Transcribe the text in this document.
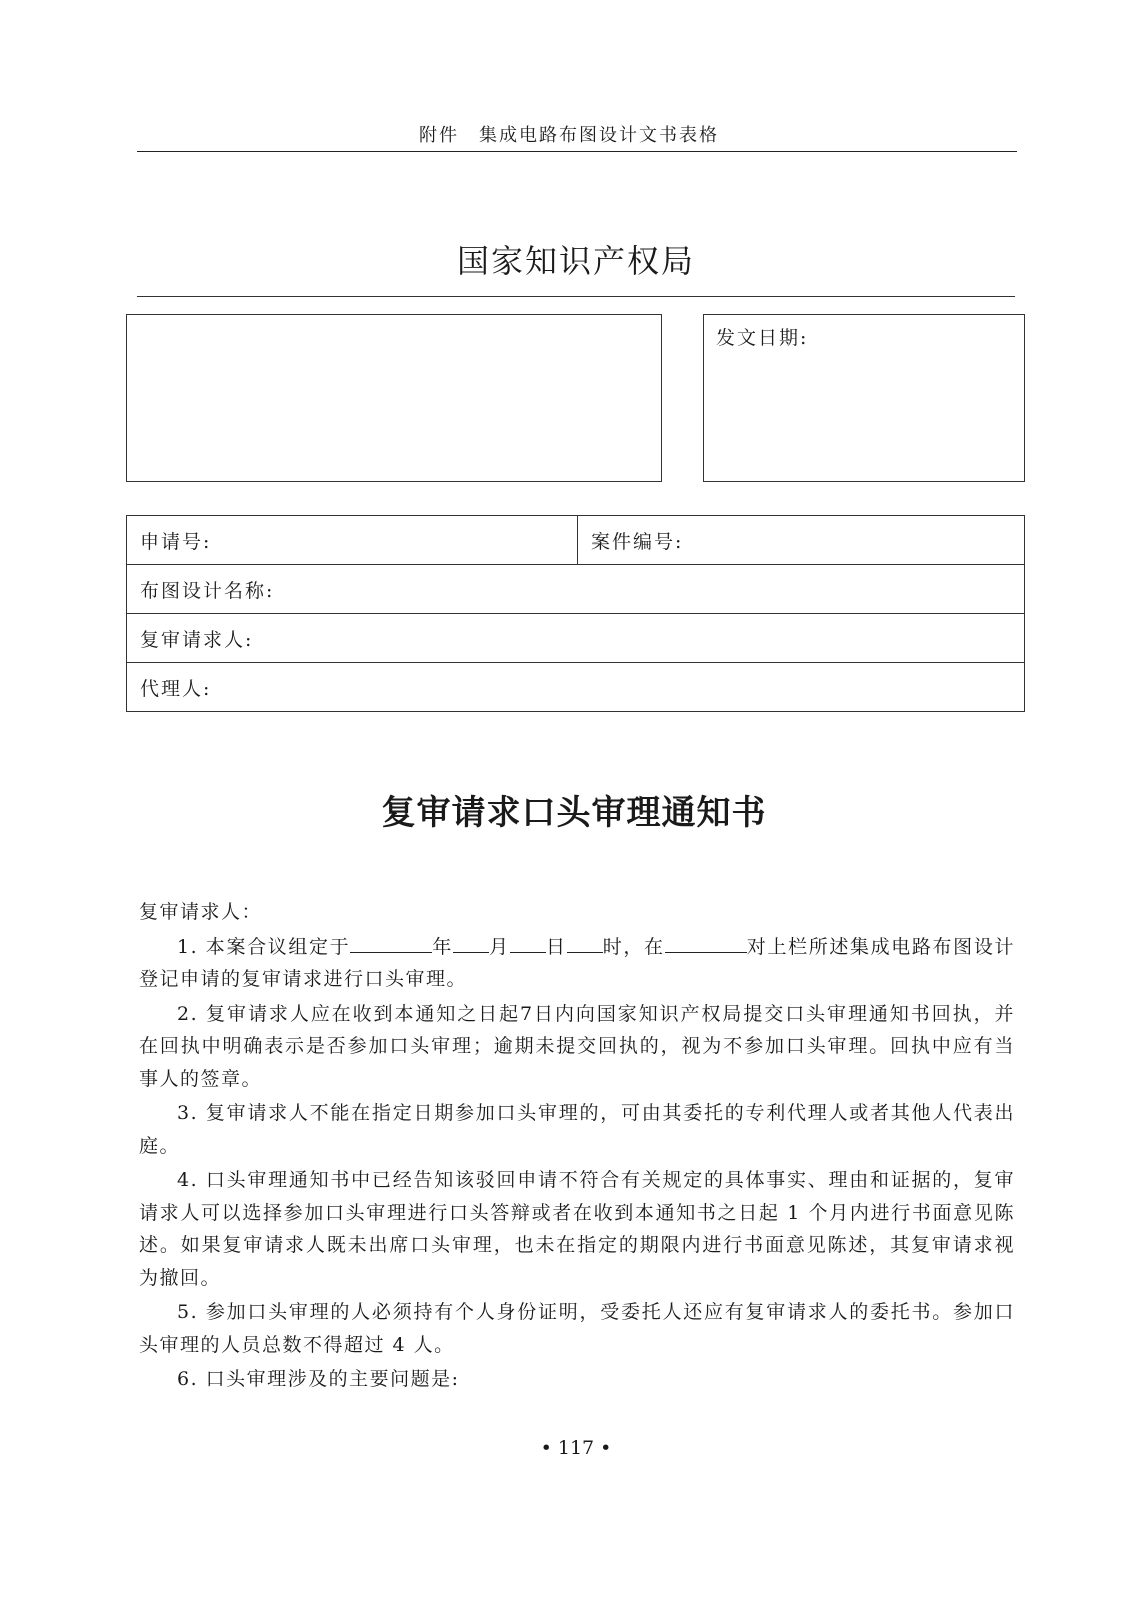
附件　集成电路布图设计文书表格
国家知识产权局
发文日期:
申请号:	案件编号:
布图设计名称:
复审请求人:
代理人:
复审请求口头审理通知书

复审请求人：

1. 本案合议组定于	年 月 日 时，在	对上栏所述集成电路布图设计登记申请的复审请求进行口头审理。

2. 复审请求人应在收到本通知之日起7日内向国家知识产权局提交口头审理通知书回执，并在回执中明确表示是否参加口头审理；逾期未提交回执的，视为不参加口头审理。回执中应有当事人的签章。

3. 复审请求人不能在指定日期参加口头审理的，可由其委托的专利代理人或者其他人代表出庭。

4. 口头审理通知书中已经告知该驳回申请不符合有关规定的具体事实、理由和证据的，复审请求人可以选择参加口头审理进行口头答辩或者在收到本通知书之日起 1 个月内进行书面意见陈述。如果复审请求人既未出席口头审理，也未在指定的期限内进行书面意见陈述，其复审请求视为撤回。

5. 参加口头审理的人必须持有个人身份证明，受委托人还应有复审请求人的委托书。参加口头审理的人员总数不得超过 4 人。

6. 口头审理涉及的主要问题是:

• 117 •
